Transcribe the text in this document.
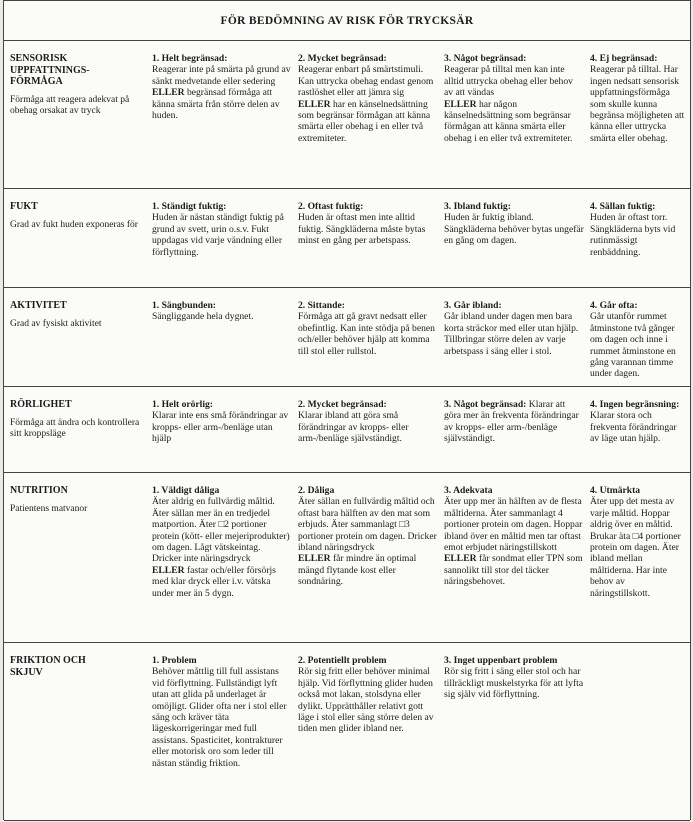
FÖR BEDÖMNING AV RISK FÖR TRYCKSÄR
SENSORISK UPPFATTNINGS-FÖRMÅGA
Förmåga att reagera adekvat på obehag orsakat av tryck
1. Helt begränsad:
Reagerar inte på smärta på grund av sänkt medvetande eller sedering
ELLER begränsad förmåga att känna smärta från större delen av huden.
2. Mycket begränsad:
Reagerar enbart på smärtstimuli. Kan uttrycka obehag endast genom rastlöshet eller att jämra sig
ELLER har en känselnedsättning som begränsar förmågan att känna smärta eller obehag i en eller två extremiteter.
3. Något begränsad:
Reagerar på tilltal men kan inte alltid uttrycka obehag eller behov av att vändas
ELLER har någon känselnedsättning som begränsar förmågan att känna smärta eller obehag i en eller två extremiteter.
4. Ej begränsad:
Reagerar på tilltal. Har ingen nedsatt sensorisk uppfattningsförmåga som skulle kunna begränsa möjligheten att känna eller uttrycka smärta eller obehag.
FUKT
Grad av fukt huden exponeras för
1. Ständigt fuktig:
Huden är nästan ständigt fuktig på grund av svett, urin o.s.v. Fukt uppdagas vid varje vändning eller förflyttning.
2. Oftast fuktig:
Huden är oftast men inte alltid fuktig. Sängkläderna måste bytas minst en gång per arbetspass.
3. Ibland fuktig:
Huden är fuktig ibland. Sängkläderna behöver bytas ungefär en gång om dagen.
4. Sällan fuktig:
Huden är oftast torr. Sängkläderna byts vid rutinmässigt renbäddning.
AKTIVITET
Grad av fysiskt aktivitet
1. Sängbunden:
Sängliggande hela dygnet.
2. Sittande:
Förmåga att gå gravt nedsatt eller obefintlig. Kan inte stödja på benen och/eller behöver hjälp att komma till stol eller rullstol.
3. Går ibland:
Går ibland under dagen men bara korta sträckor med eller utan hjälp. Tillbringar större delen av varje arbetspass i säng eller i stol.
4. Går ofta:
Går utanför rummet åtminstone två gånger om dagen och inne i rummet åtminstone en gång varannan timme under dagen.
RÖRLIGHET
Förmåga att ändra och kontrollera sitt kroppsläge
1. Helt orörlig:
Klarar inte ens små förändringar av kropps- eller arm-/benläge utan hjälp
2. Mycket begränsad:
Klarar ibland att göra små förändringar av kropps- eller arm-/benläge självständigt.
3. Något begränsad: Klarar att göra mer än frekventa förändringar av kropps- eller arm-/benläge självständigt.
4. Ingen begränsning:
Klarar stora och frekventa förändringar av läge utan hjälp.
NUTRITION
Patientens matvanor
1. Väldigt dåliga
Äter aldrig en fullvärdig måltid. Äter sällan mer än en tredjedel matportion. Äter □2 portioner protein (kött- eller mejeriprodukter) om dagen. Lågt vätskeintag. Dricker inte näringsdryck
ELLER fastar och/eller försörjs med klar dryck eller i.v. vätska under mer än 5 dygn.
2. Dåliga
Äter sällan en fullvärdig måltid och oftast bara hälften av den mat som erbjuds. Äter sammanlagt □3 portioner protein om dagen. Dricker ibland näringsdryck
ELLER får mindre än optimal mängd flytande kost eller sondnäring.
3. Adekvata
Äter upp mer än hälften av de flesta måltiderna. Äter sammanlagt 4 portioner protein om dagen. Hoppar ibland över en måltid men tar oftast emot erbjudet näringstillskott
ELLER får sondmat eller TPN som sannolikt till stor del täcker näringsbehovet.
4. Utmärkta
Äter upp det mesta av varje måltid. Hoppar aldrig över en måltid. Brukar äta □4 portioner protein om dagen. Äter ibland mellan måltiderna. Har inte behov av näringstillskott.
FRIKTION OCH SKJUV
1. Problem
Behöver måttlig till full assistans vid förflyttning. Fullständigt lyft utan att glida på underlaget är omöjligt. Glider ofta ner i stol eller säng och kräver täta lägeskorrigeringar med full assistans. Spasticitet, kontrakturer eller motorisk oro som leder till nästan ständig friktion.
2. Potentiellt problem
Rör sig fritt eller behöver minimal hjälp. Vid förflyttning glider huden också mot lakan, stolsdyna eller dylikt. Upprätthåller relativt gott läge i stol eller säng större delen av tiden men glider ibland ner.
3. Inget uppenbart problem
Rör sig fritt i säng eller stol och har tillräckligt muskelstyrka för att lyfta sig själv vid förflyttning.
